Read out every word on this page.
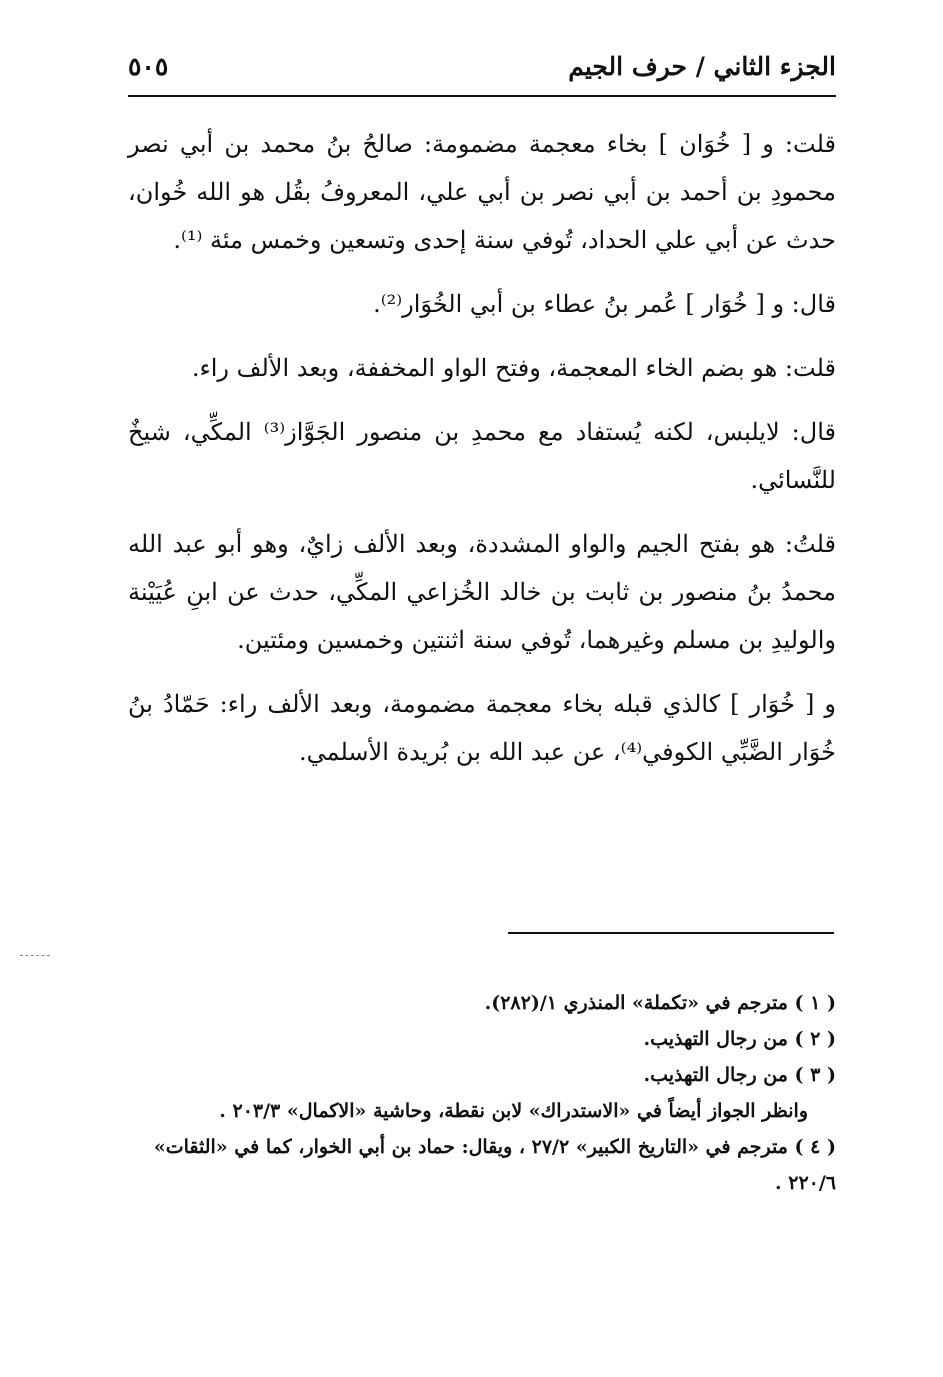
الجزء الثاني / حرف الجيم
٥٠٥

قلت: و [ خُوَان ] بخاء معجمة مضمومة: صالحُ بنُ محمد بن أبي نصر محمودِ بن أحمد بن أبي نصر بن أبي علي، المعروفُ بقُل هو الله خُوان، حدث عن أبي علي الحداد، تُوفي سنة إحدى وتسعين وخمس مئة ⁽¹⁾.

قال: و [ خُوَار ] عُمر بنُ عطاء بن أبي الخُوَار⁽²⁾.

قلت: هو بضم الخاء المعجمة، وفتح الواو المخففة، وبعد الألف راء.

قال: لايلبس، لكنه يُستفاد مع محمدِ بن منصور الجَوَّاز⁽³⁾ المكِّي، شيخٌ للنَّسائي.

قلتُ: هو بفتح الجيم والواو المشددة، وبعد الألف زايٌ، وهو أبو عبد الله محمدُ بنُ منصور بن ثابت بن خالد الخُزاعي المكِّي، حدث عن ابنِ عُيَيْنة والوليدِ بن مسلم وغيرهما، تُوفي سنة اثنتين وخمسين ومئتين.

و [ خُوَار ] كالذي قبله بخاء معجمة مضمومة، وبعد الألف راء: حَمّادُ بنُ خُوَار الضَّبِّي الكوفي⁽⁴⁾، عن عبد الله بن بُريدة الأسلمي.

( ١ ) مترجم في «تكملة» المنذري ١/(٢٨٢).

( ٢ ) من رجال التهذيب.

( ٣ ) من رجال التهذيب.

وانظر الجواز أيضاً في «الاستدراك» لابن نقطة، وحاشية «الاكمال» ٢٠٣/٣ .

( ٤ ) مترجم في «التاريخ الكبير» ٢٧/٢ ، ويقال: حماد بن أبي الخوار، كما في «الثقات» ٢٢٠/٦ .
